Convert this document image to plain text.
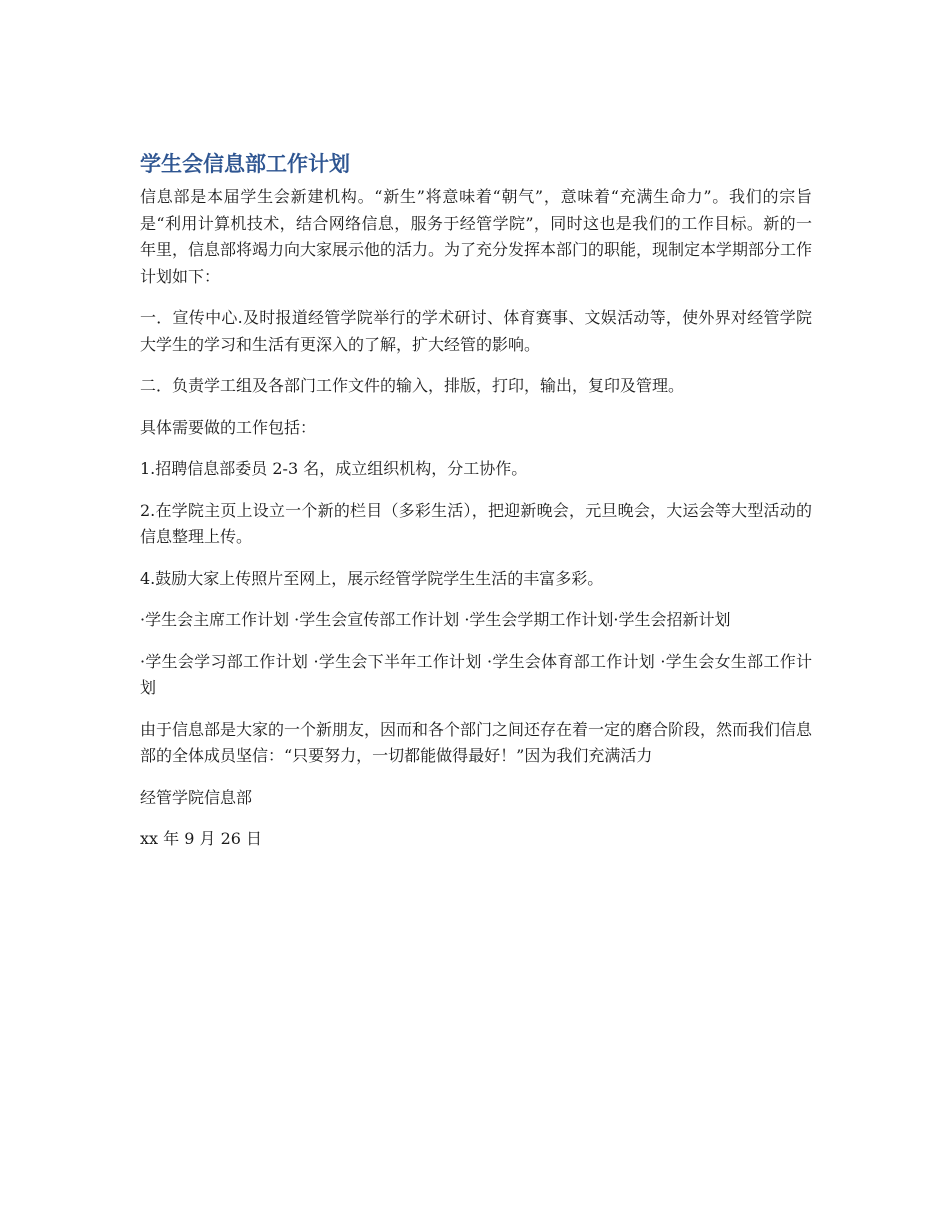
学生会信息部工作计划

信息部是本届学生会新建机构。“新生”将意味着“朝气”，意味着“充满生命力”。我们的宗旨是“利用计算机技术，结合网络信息，服务于经管学院”，同时这也是我们的工作目标。新的一年里，信息部将竭力向大家展示他的活力。为了充分发挥本部门的职能，现制定本学期部分工作计划如下：

一．宣传中心.及时报道经管学院举行的学术研讨、体育赛事、文娱活动等，使外界对经管学院大学生的学习和生活有更深入的了解，扩大经管的影响。

二．负责学工组及各部门工作文件的输入，排版，打印，输出，复印及管理。

具体需要做的工作包括：

1.招聘信息部委员 2-3 名，成立组织机构，分工协作。

2.在学院主页上设立一个新的栏目（多彩生活），把迎新晚会，元旦晚会，大运会等大型活动的信息整理上传。

4.鼓励大家上传照片至网上，展示经管学院学生生活的丰富多彩。

·学生会主席工作计划 ·学生会宣传部工作计划 ·学生会学期工作计划·学生会招新计划

·学生会学习部工作计划 ·学生会下半年工作计划 ·学生会体育部工作计划 ·学生会女生部工作计划

由于信息部是大家的一个新朋友，因而和各个部门之间还存在着一定的磨合阶段，然而我们信息部的全体成员坚信：“只要努力，一切都能做得最好！”因为我们充满活力

经管学院信息部

xx 年 9 月 26 日
